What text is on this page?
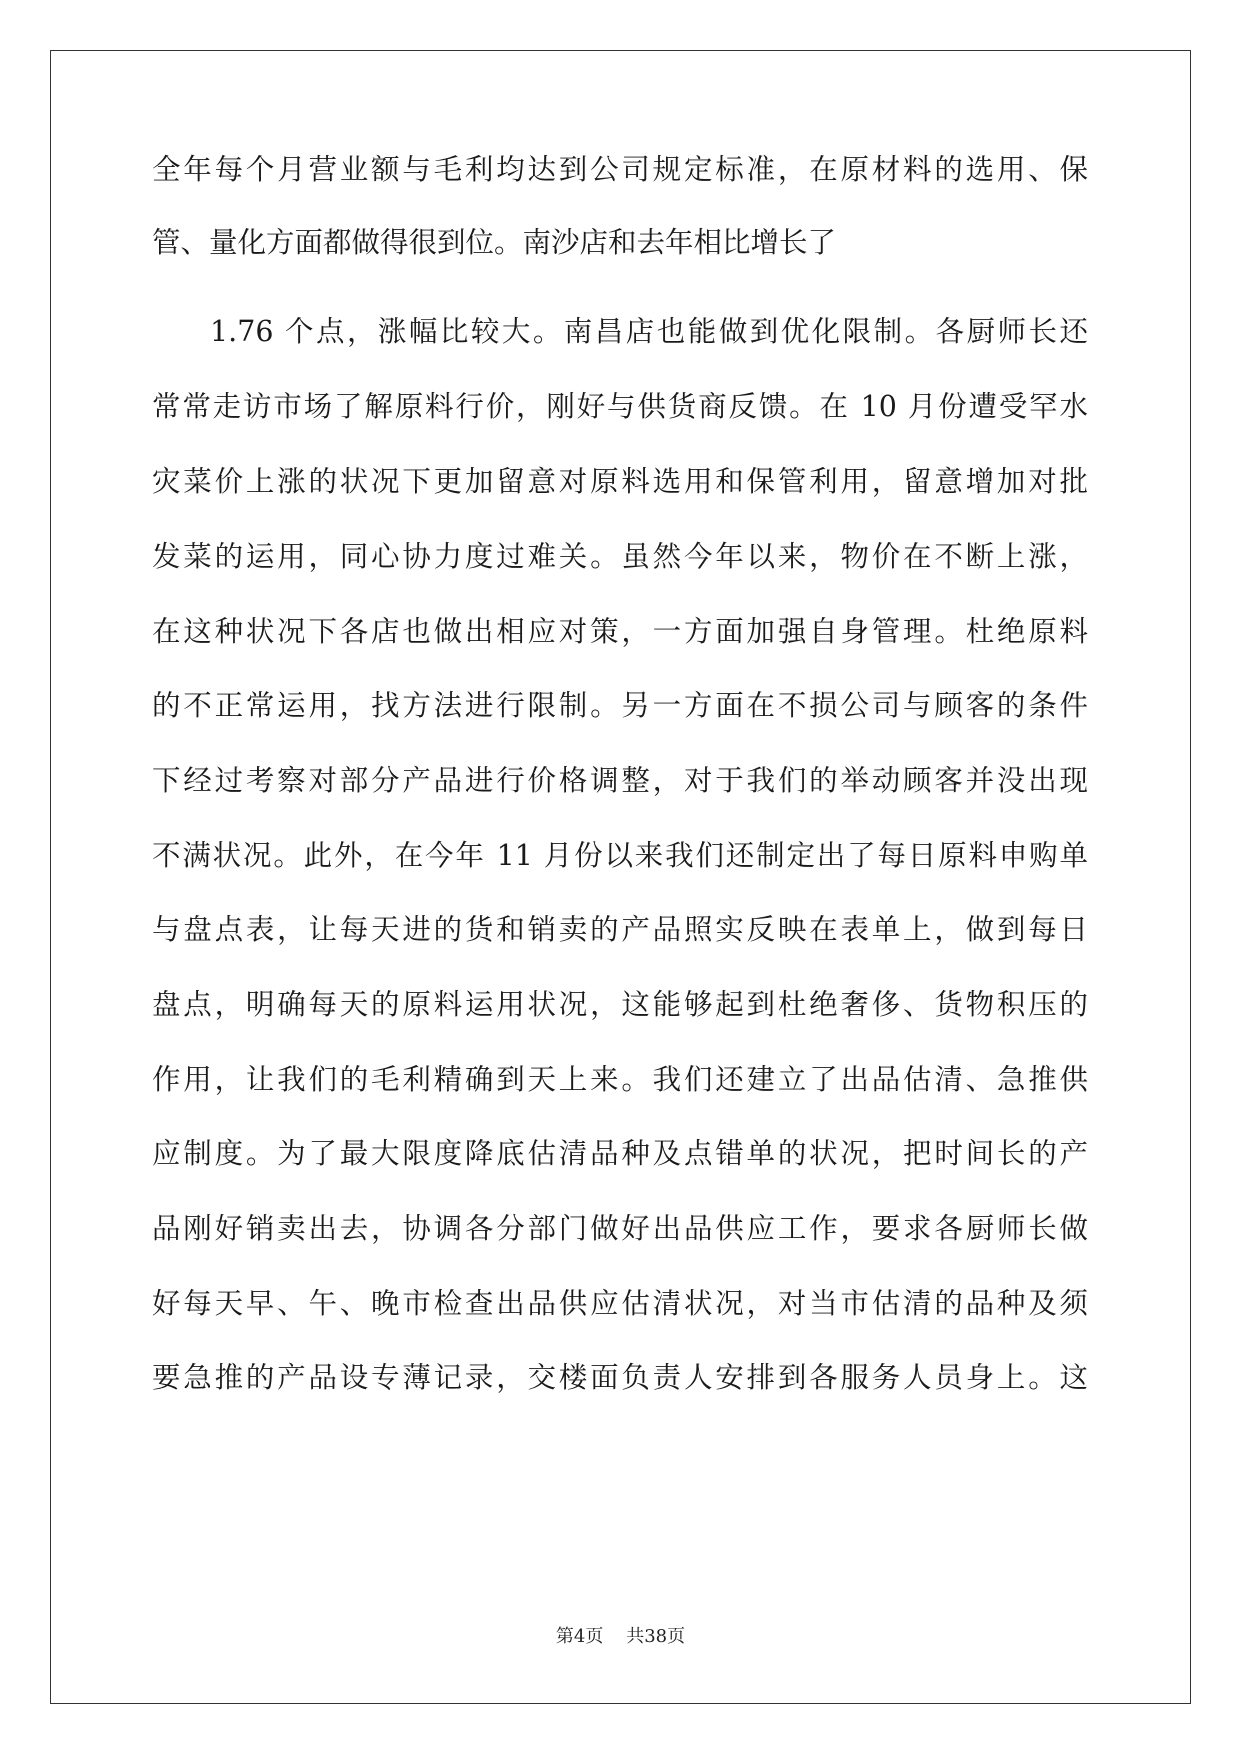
全年每个月营业额与毛利均达到公司规定标准，在原材料的选用、保
管、量化方面都做得很到位。南沙店和去年相比增长了
1.76 个点，涨幅比较大。南昌店也能做到优化限制。各厨师长还
常常走访市场了解原料行价，刚好与供货商反馈。在 10 月份遭受罕水
灾菜价上涨的状况下更加留意对原料选用和保管利用，留意增加对批
发菜的运用，同心协力度过难关。虽然今年以来，物价在不断上涨，
在这种状况下各店也做出相应对策，一方面加强自身管理。杜绝原料
的不正常运用，找方法进行限制。另一方面在不损公司与顾客的条件
下经过考察对部分产品进行价格调整，对于我们的举动顾客并没出现
不满状况。此外，在今年 11 月份以来我们还制定出了每日原料申购单
与盘点表，让每天进的货和销卖的产品照实反映在表单上，做到每日
盘点，明确每天的原料运用状况，这能够起到杜绝奢侈、货物积压的
作用，让我们的毛利精确到天上来。我们还建立了出品估清、急推供
应制度。为了最大限度降底估清品种及点错单的状况，把时间长的产
品刚好销卖出去，协调各分部门做好出品供应工作，要求各厨师长做
好每天早、午、晚市检查出品供应估清状况，对当市估清的品种及须
要急推的产品设专薄记录，交楼面负责人安排到各服务人员身上。这
第4页 共38页
